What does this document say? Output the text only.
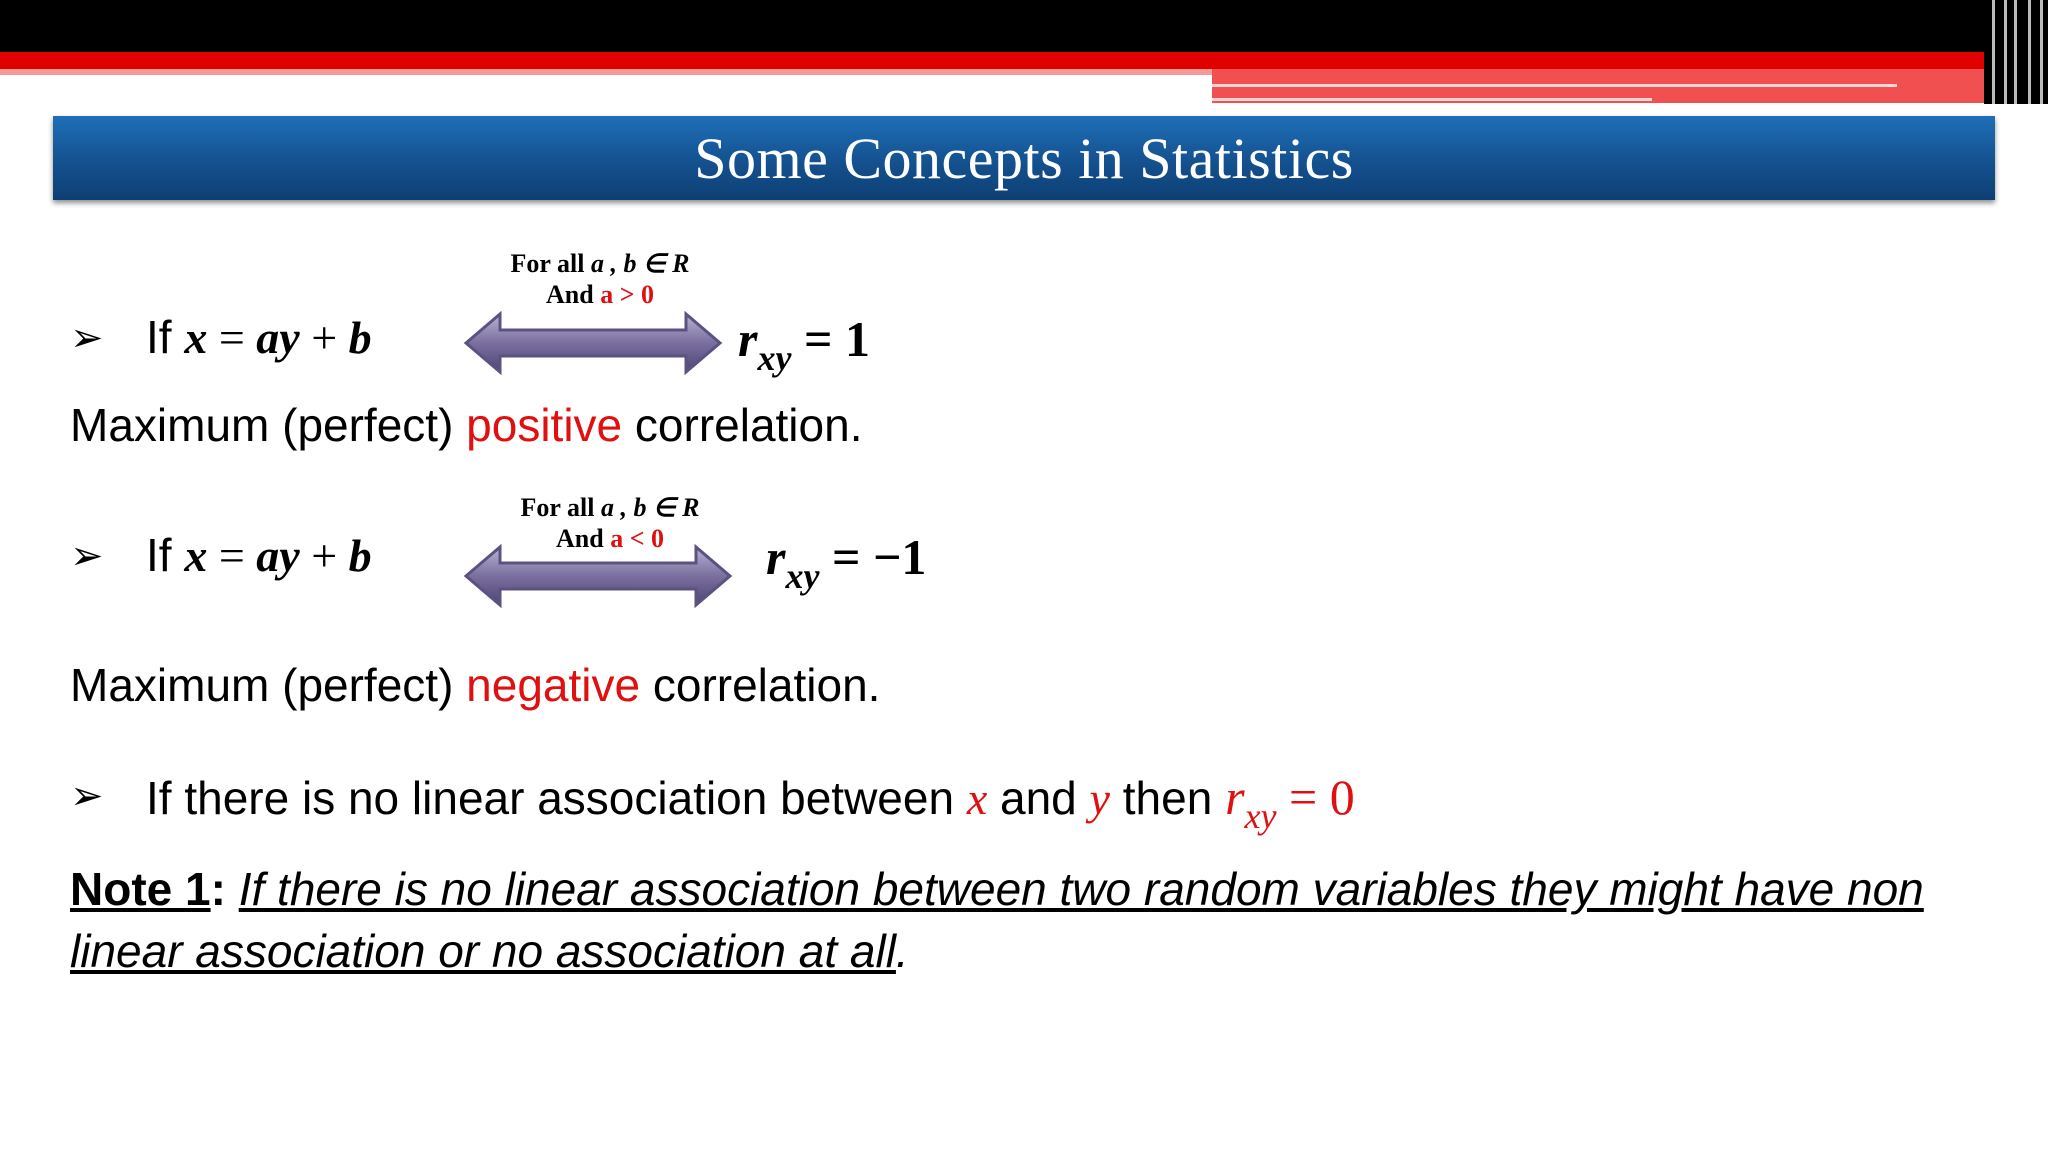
Some Concepts in Statistics
➢ If x = ay + b
For all a , b ∈ R
And a > 0
$r_{xy} = 1$
Maximum (perfect) positive correlation.
➢ If x = ay + b
For all a , b ∈ R
And a < 0	$r_{xy} = -1$
Maximum (perfect) negative correlation.
➢ If there is no linear association between x and y then $r_{xy} = 0$
Note 1: If there is no linear association between two random variables they might have non linear association or no association at all.
